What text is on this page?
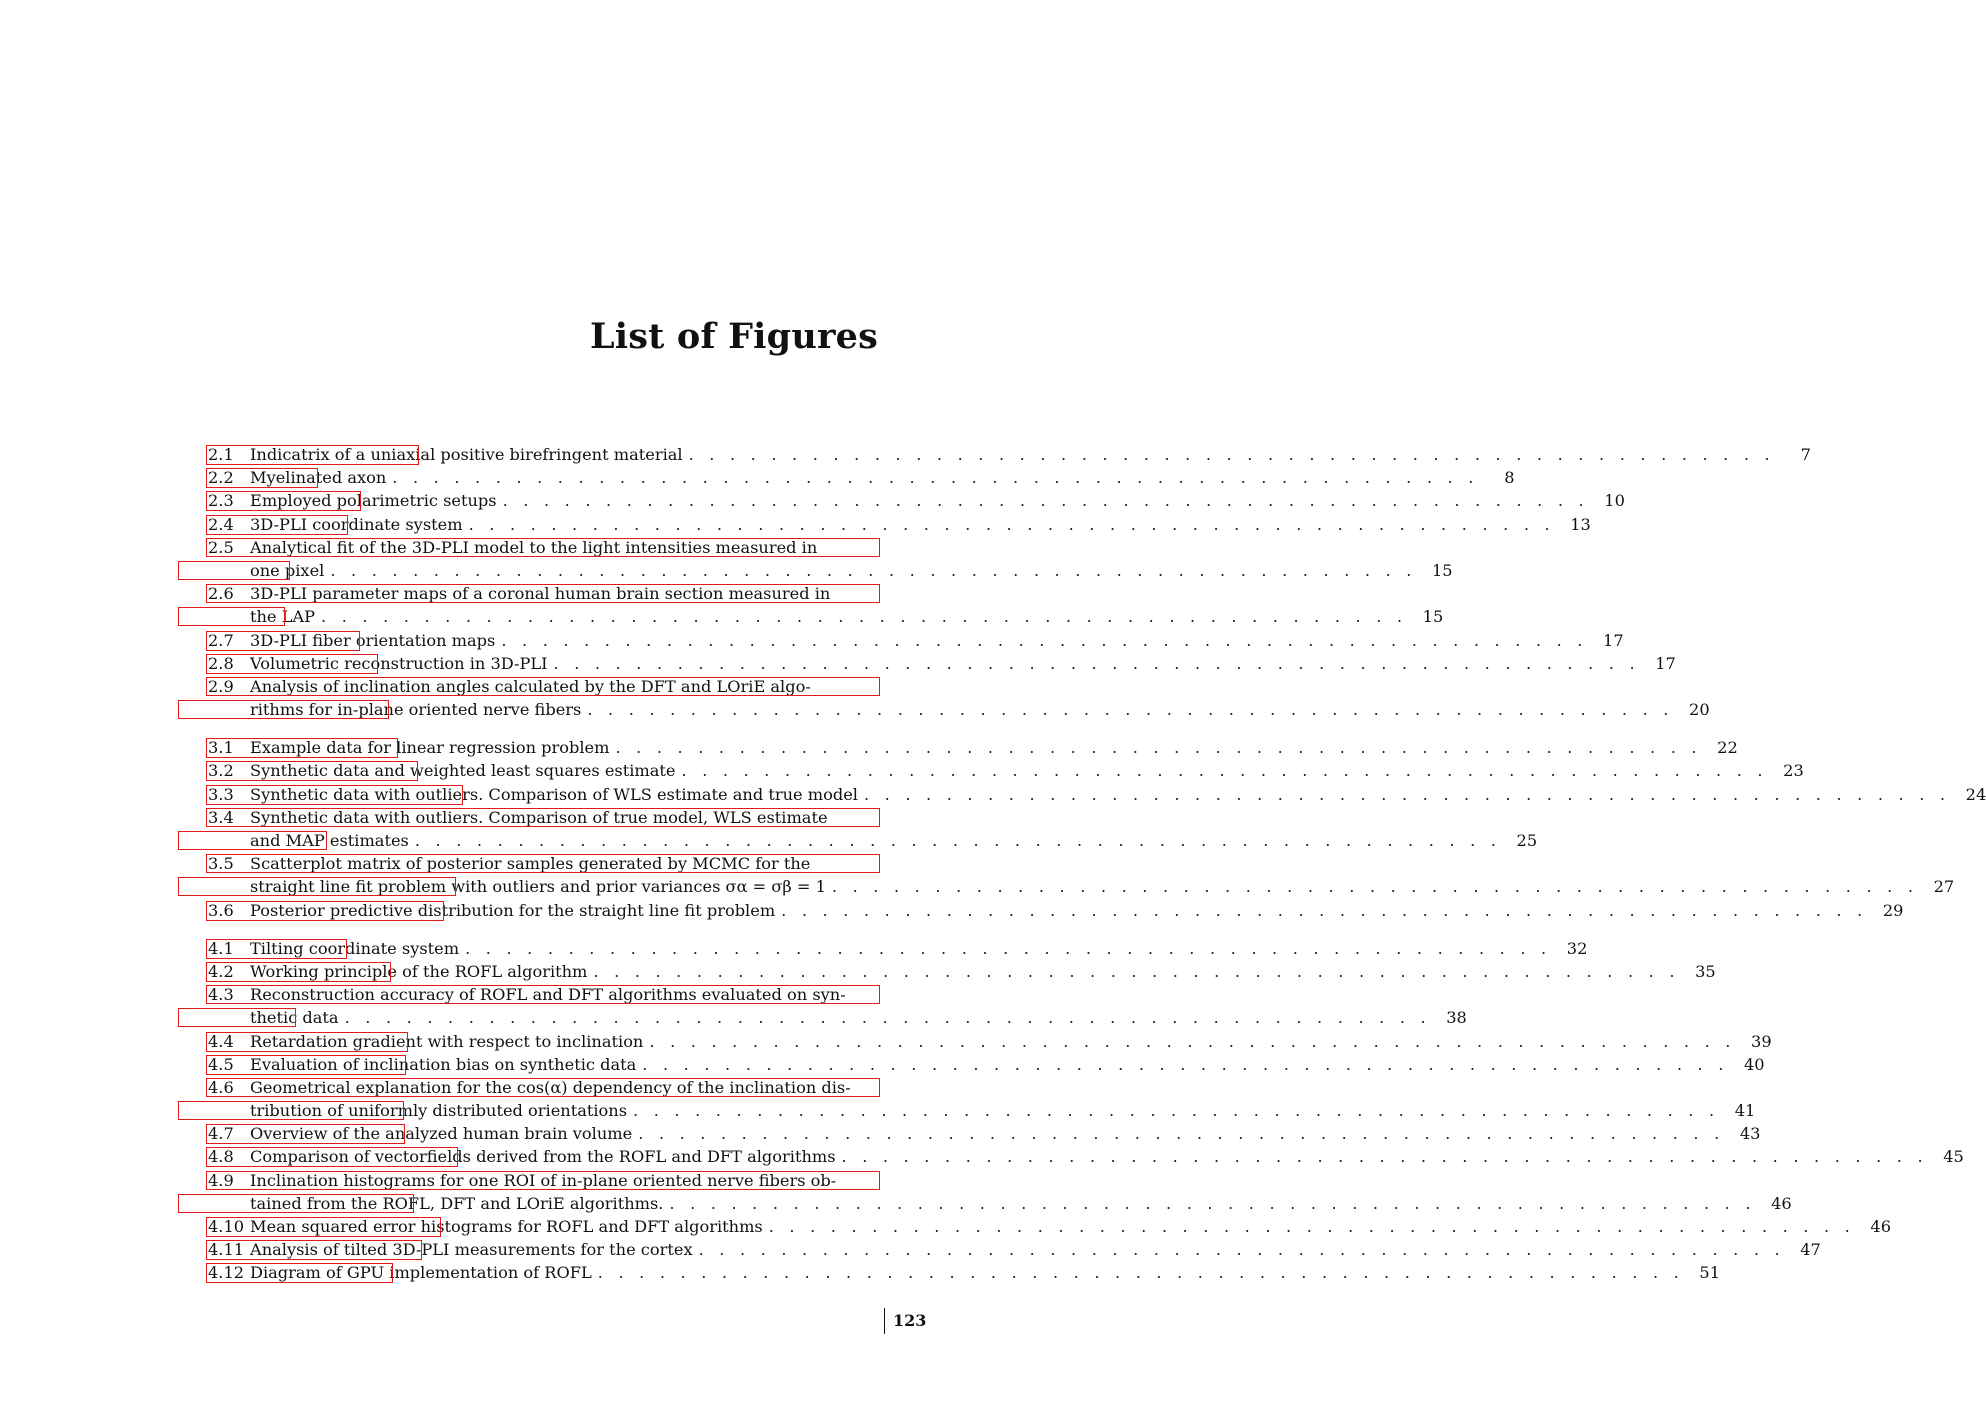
List of Figures
2.1	Indicatrix of a uniaxial positive birefringent material . . . . . . . . . . . . . . . . . . . . . . . . . . . . . . . . . . . . . . . . . . . . . . . . . . . . .	7
2.2	Myelinated axon . . . . . . . . . . . . . . . . . . . . . . . . . . . . . . . . . . . . . . . . . . . . . . . . . . . . .	8
2.3	Employed polarimetric setups . . . . . . . . . . . . . . . . . . . . . . . . . . . . . . . . . . . . . . . . . . . . . . . . . . . . . 10
2.4	3D-PLI coordinate system . . . . . . . . . . . . . . . . . . . . . . . . . . . . . . . . . . . . . . . . . . . . . . . . . . . . . 13
2.5	Analytical fit of the 3D-PLI model to the light intensities measured in
one pixel . . . . . . . . . . . . . . . . . . . . . . . . . . . . . . . . . . . . . . . . . . . . . . . . . . . . . 15
2.6	3D-PLI parameter maps of a coronal human brain section measured in
the LAP . . . . . . . . . . . . . . . . . . . . . . . . . . . . . . . . . . . . . . . . . . . . . . . . . . . . . 15
2.7	3D-PLI fiber orientation maps . . . . . . . . . . . . . . . . . . . . . . . . . . . . . . . . . . . . . . . . . . . . . . . . . . . . . 17
2.8	Volumetric reconstruction in 3D-PLI . . . . . . . . . . . . . . . . . . . . . . . . . . . . . . . . . . . . . . . . . . . . . . . . . . . . . 17
2.9	Analysis of inclination angles calculated by the DFT and LOriE algo-
rithms for in-plane oriented nerve fibers . . . . . . . . . . . . . . . . . . . . . . . . . . . . . . . . . . . . . . . . . . . . . . . . . . . . . 20
3.1	Example data for linear regression problem . . . . . . . . . . . . . . . . . . . . . . . . . . . . . . . . . . . . . . . . . . . . . . . . . . . . . 22
3.2	Synthetic data and weighted least squares estimate . . . . . . . . . . . . . . . . . . . . . . . . . . . . . . . . . . . . . . . . . . . . . . . . . . . . . 23
3.3	Synthetic data with outliers. Comparison of WLS estimate and true model . . . . . . . . . . . . . . . . . . . . . . . . . . . . . . . . . . . . . . . . . . . . . . . . . . . . . 24
3.4	Synthetic data with outliers. Comparison of true model, WLS estimate
and MAP estimates . . . . . . . . . . . . . . . . . . . . . . . . . . . . . . . . . . . . . . . . . . . . . . . . . . . . . 25
3.5	Scatterplot matrix of posterior samples generated by MCMC for the
straight line fit problem with outliers and prior variances σα = σβ = 1 . . . . . . . . . . . . . . . . . . . . . . . . . . . . . . . . . . . . . . . . . . . . . . . . . . . . . 27
3.6	Posterior predictive distribution for the straight line fit problem . . . . . . . . . . . . . . . . . . . . . . . . . . . . . . . . . . . . . . . . . . . . . . . . . . . . . 29
4.1	Tilting coordinate system . . . . . . . . . . . . . . . . . . . . . . . . . . . . . . . . . . . . . . . . . . . . . . . . . . . . . 32
4.2	Working principle of the ROFL algorithm . . . . . . . . . . . . . . . . . . . . . . . . . . . . . . . . . . . . . . . . . . . . . . . . . . . . . 35
4.3	Reconstruction accuracy of ROFL and DFT algorithms evaluated on syn-
thetic data . . . . . . . . . . . . . . . . . . . . . . . . . . . . . . . . . . . . . . . . . . . . . . . . . . . . . 38
4.4	Retardation gradient with respect to inclination . . . . . . . . . . . . . . . . . . . . . . . . . . . . . . . . . . . . . . . . . . . . . . . . . . . . . 39
4.5	Evaluation of inclination bias on synthetic data . . . . . . . . . . . . . . . . . . . . . . . . . . . . . . . . . . . . . . . . . . . . . . . . . . . . . 40
4.6	Geometrical explanation for the cos(α) dependency of the inclination dis-
tribution of uniformly distributed orientations . . . . . . . . . . . . . . . . . . . . . . . . . . . . . . . . . . . . . . . . . . . . . . . . . . . . . 41
4.7	Overview of the analyzed human brain volume . . . . . . . . . . . . . . . . . . . . . . . . . . . . . . . . . . . . . . . . . . . . . . . . . . . . . 43
4.8	Comparison of vectorfields derived from the ROFL and DFT algorithms . . . . . . . . . . . . . . . . . . . . . . . . . . . . . . . . . . . . . . . . . . . . . . . . . . . . . 45
4.9	Inclination histograms for one ROI of in-plane oriented nerve fibers ob-
tained from the ROFL, DFT and LOriE algorithms. . . . . . . . . . . . . . . . . . . . . . . . . . . . . . . . . . . . . . . . . . . . . . . . . . . . . . 46
4.10 Mean squared error histograms for ROFL and DFT algorithms . . . . . . . . . . . . . . . . . . . . . . . . . . . . . . . . . . . . . . . . . . . . . . . . . . . . . 46
4.11 Analysis of tilted 3D-PLI measurements for the cortex . . . . . . . . . . . . . . . . . . . . . . . . . . . . . . . . . . . . . . . . . . . . . . . . . . . . . 47
4.12 Diagram of GPU implementation of ROFL . . . . . . . . . . . . . . . . . . . . . . . . . . . . . . . . . . . . . . . . . . . . . . . . . . . . . 51
123
